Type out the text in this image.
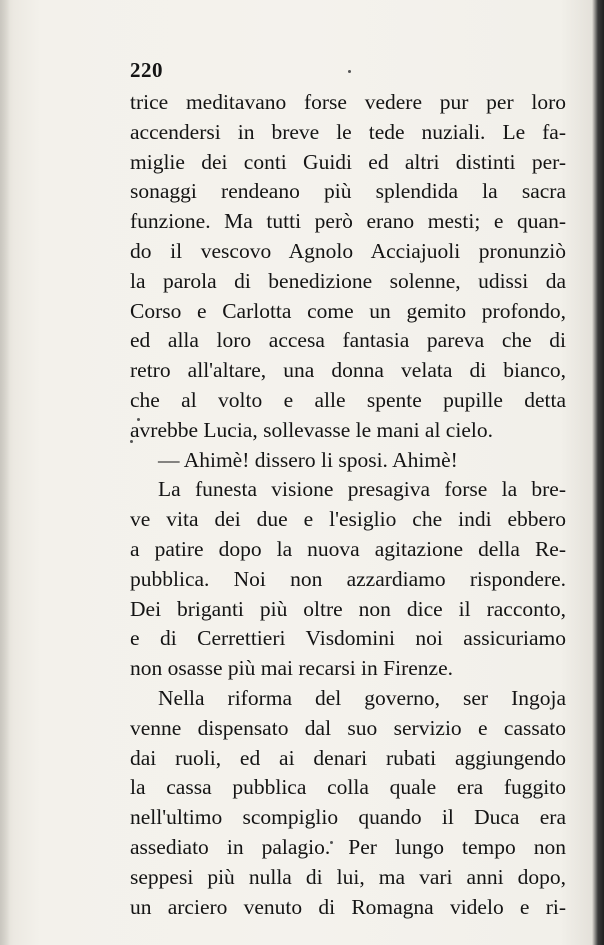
220
trice meditavano forse vedere pur per loro
accendersi in breve le tede nuziali. Le fa-
miglie dei conti Guidi ed altri distinti per-
sonaggi rendeano più splendida la sacra
funzione. Ma tutti però erano mesti; e quan-
do il vescovo Agnolo Acciajuoli pronunziò
la parola di benedizione solenne, udissi da
Corso e Carlotta come un gemito profondo,
ed alla loro accesa fantasia pareva che di
retro all'altare, una donna velata di bianco,
che al volto e alle spente pupille detta
avrebbe Lucia, sollevasse le mani al cielo.
— Ahimè! dissero li sposi. Ahimè!
La funesta visione presagiva forse la bre-
ve vita dei due e l'esiglio che indi ebbero
a patire dopo la nuova agitazione della Re-
pubblica. Noi non azzardiamo rispondere.
Dei briganti più oltre non dice il racconto,
e di Cerrettieri Visdomini noi assicuriamo
non osasse più mai recarsi in Firenze.
Nella riforma del governo, ser Ingoja
venne dispensato dal suo servizio e cassato
dai ruoli, ed ai denari rubati aggiungendo
la cassa pubblica colla quale era fuggito
nell'ultimo scompiglio quando il Duca era
assediato in palagio. Per lungo tempo non
seppesi più nulla di lui, ma vari anni dopo,
un arciero venuto di Romagna videlo e ri-
